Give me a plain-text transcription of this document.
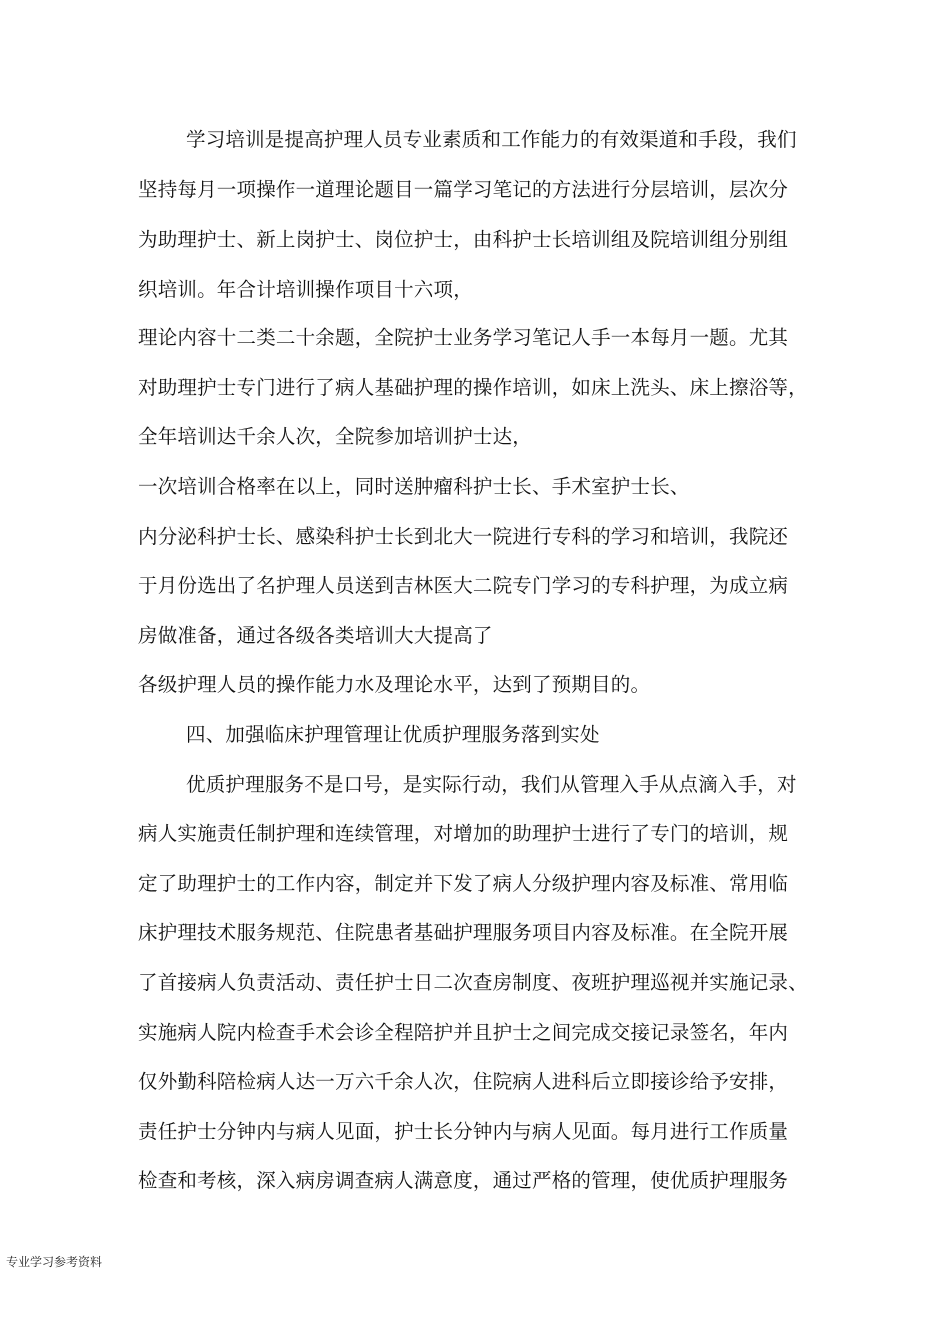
学习培训是提高护理人员专业素质和工作能力的有效渠道和手段，我们
坚持每月一项操作一道理论题目一篇学习笔记的方法进行分层培训，层次分
为助理护士、新上岗护士、岗位护士，由科护士长培训组及院培训组分别组
织培训。年合计培训操作项目十六项，
理论内容十二类二十余题，全院护士业务学习笔记人手一本每月一题。尤其
对助理护士专门进行了病人基础护理的操作培训，如床上洗头、床上擦浴等，
全年培训达千余人次，全院参加培训护士达，
一次培训合格率在以上，同时送肿瘤科护士长、手术室护士长、
内分泌科护士长、感染科护士长到北大一院进行专科的学习和培训，我院还
于月份选出了名护理人员送到吉林医大二院专门学习的专科护理，为成立病
房做准备，通过各级各类培训大大提高了
各级护理人员的操作能力水及理论水平，达到了预期目的。
四、加强临床护理管理让优质护理服务落到实处
优质护理服务不是口号，是实际行动，我们从管理入手从点滴入手，对
病人实施责任制护理和连续管理，对增加的助理护士进行了专门的培训，规
定了助理护士的工作内容，制定并下发了病人分级护理内容及标准、常用临
床护理技术服务规范、住院患者基础护理服务项目内容及标准。在全院开展
了首接病人负责活动、责任护士日二次查房制度、夜班护理巡视并实施记录、
实施病人院内检查手术会诊全程陪护并且护士之间完成交接记录签名，年内
仅外勤科陪检病人达一万六千余人次，住院病人进科后立即接诊给予安排，
责任护士分钟内与病人见面，护士长分钟内与病人见面。每月进行工作质量
检查和考核，深入病房调查病人满意度，通过严格的管理，使优质护理服务
专业学习参考资料
